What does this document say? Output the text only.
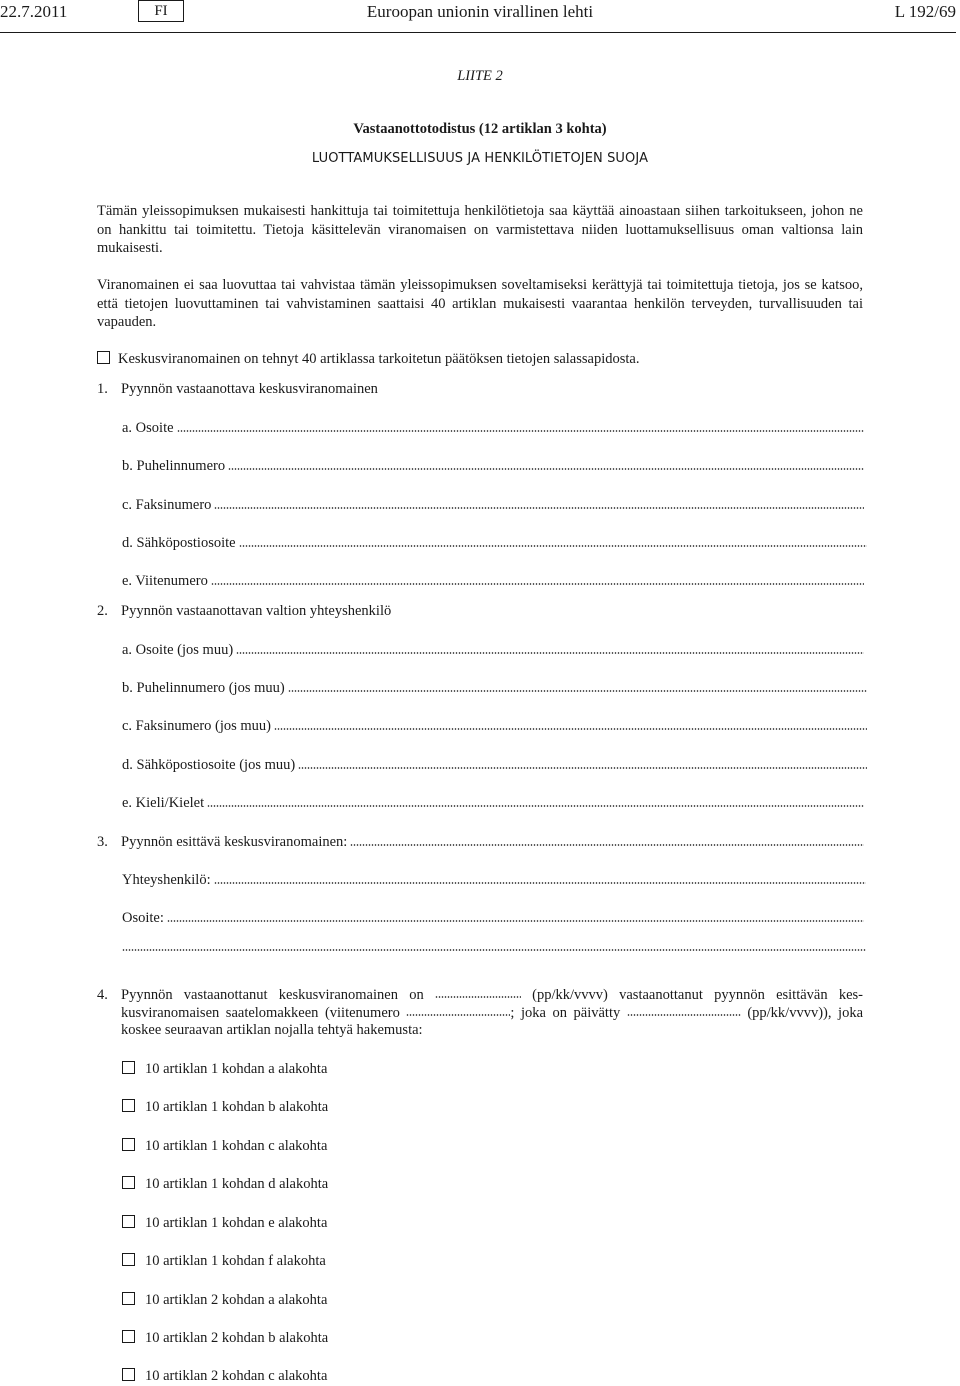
22.7.2011	FI	Euroopan unionin virallinen lehti	L 192/69
LIITE 2
Vastaanottotodistus (12 artiklan 3 kohta)
LUOTTAMUKSELLISUUS JA HENKILÖTIETOJEN SUOJA
Tämän yleissopimuksen mukaisesti hankittuja tai toimitettuja henkilötietoja saa käyttää ainoastaan siihen tarkoitukseen, johon ne on hankittu tai toimitettu. Tietoja käsittelevän viranomaisen on varmistettava niiden luottamuksellisuus oman valtionsa lain mukaisesti.
Viranomainen ei saa luovuttaa tai vahvistaa tämän yleissopimuksen soveltamiseksi kerättyjä tai toimitettuja tietoja, jos se katsoo, että tietojen luovuttaminen tai vahvistaminen saattaisi 40 artiklan mukaisesti vaarantaa henkilön terveyden, turvallisuuden tai vapauden.
Keskusviranomainen on tehnyt 40 artiklassa tarkoitetun päätöksen tietojen salassapidosta.
1. Pyynnön vastaanottava keskusviranomainen
a. Osoite
b. Puhelinnumero
c. Faksinumero
d. Sähköpostiosoite
e. Viitenumero
2. Pyynnön vastaanottavan valtion yhteyshenkilö
a. Osoite (jos muu)
b. Puhelinnumero (jos muu)
c. Faksinumero (jos muu)
d. Sähköpostiosoite (jos muu)
e. Kieli/Kielet
3. Pyynnön esittävä keskusviranomainen:
Yhteyshenkilö:
Osoite:
4. Pyynnön vastaanottanut keskusviranomainen on	(pp/kk/vvvv) vastaanottanut pyynnön esittävän keskusviranomaisen saatelomakkeen (viitenumero	; joka on päivätty	(pp/kk/vvvv)), joka koskee seuraavan artiklan nojalla tehtyä hakemusta:
10 artiklan 1 kohdan a alakohta
10 artiklan 1 kohdan b alakohta
10 artiklan 1 kohdan c alakohta
10 artiklan 1 kohdan d alakohta
10 artiklan 1 kohdan e alakohta
10 artiklan 1 kohdan f alakohta
10 artiklan 2 kohdan a alakohta
10 artiklan 2 kohdan b alakohta
10 artiklan 2 kohdan c alakohta
